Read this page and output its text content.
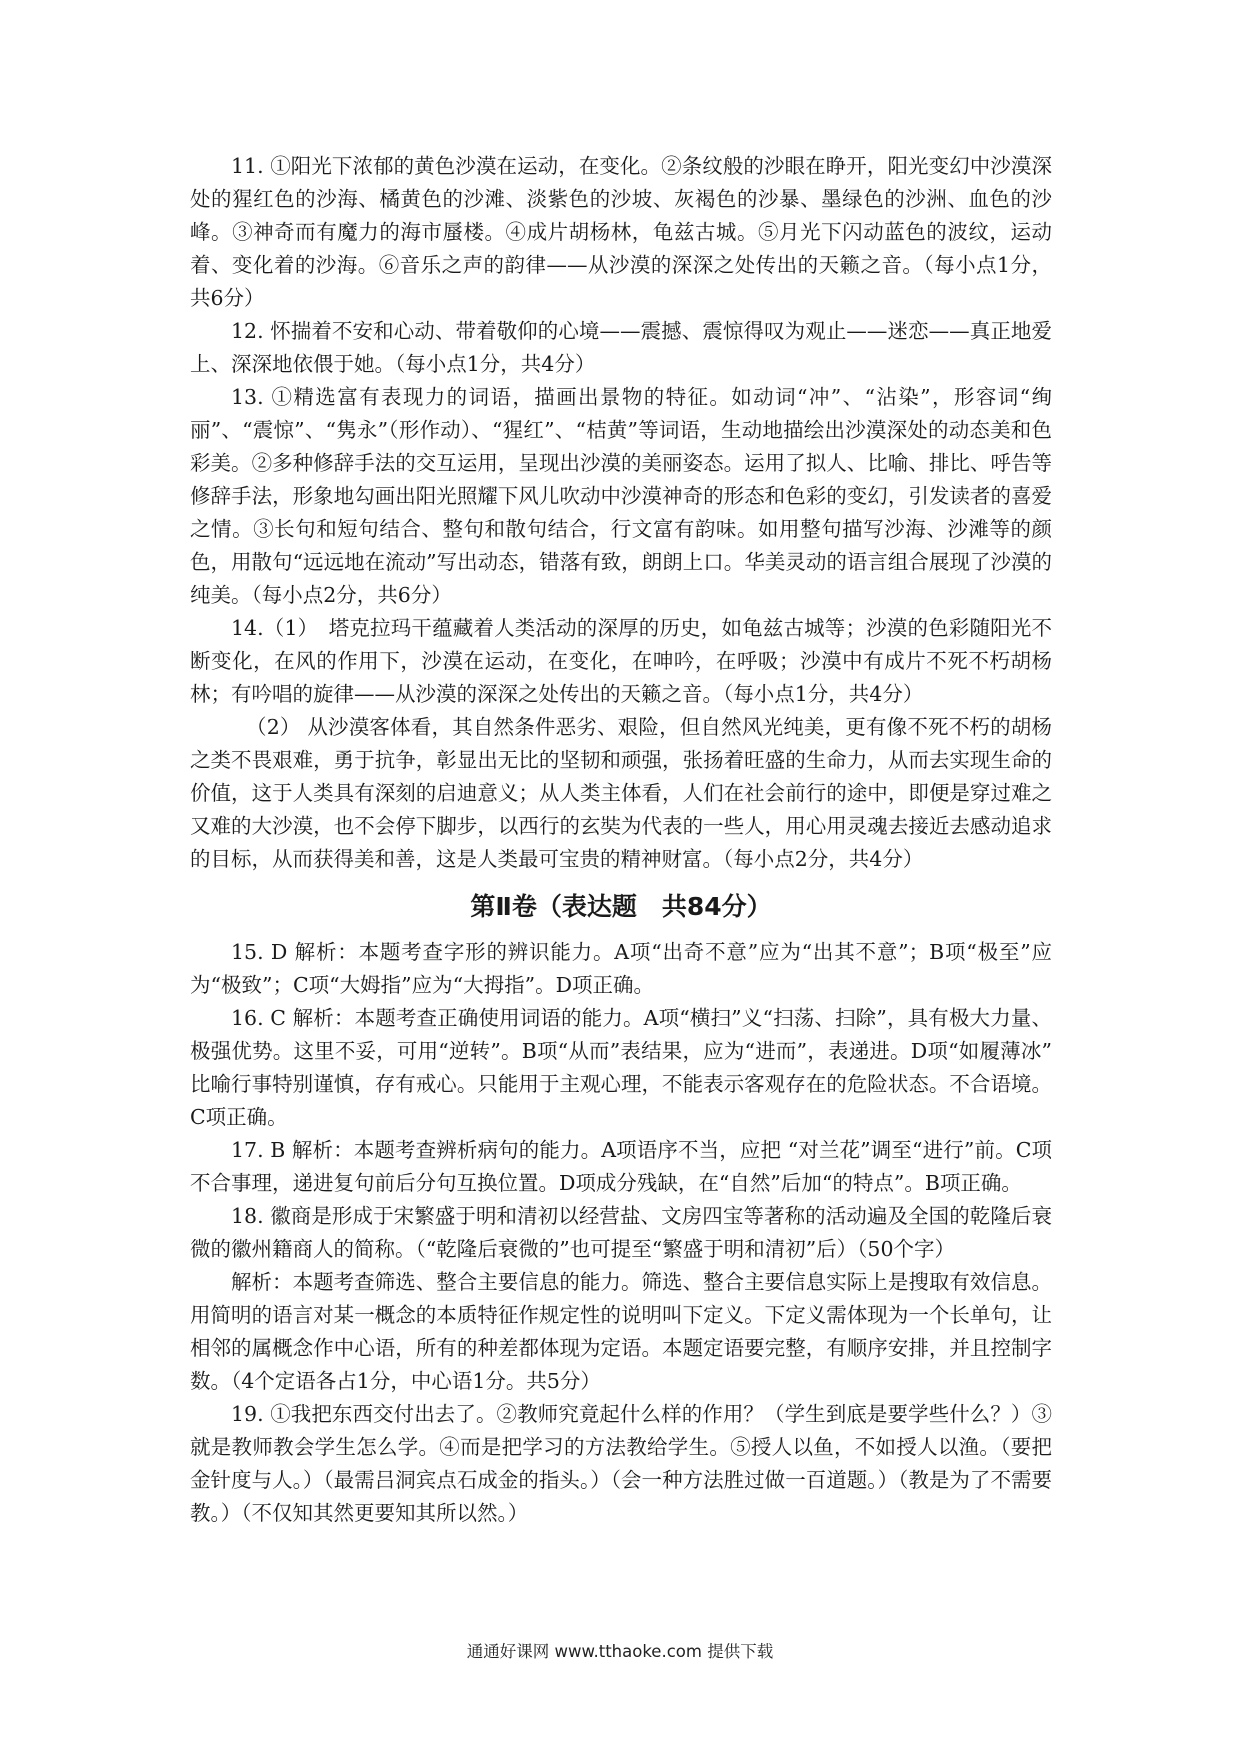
11. ①阳光下浓郁的黄色沙漠在运动，在变化。②条纹般的沙眼在睁开，阳光变幻中沙漠深处的猩红色的沙海、橘黄色的沙滩、淡紫色的沙坡、灰褐色的沙暴、墨绿色的沙洲、血色的沙峰。③神奇而有魔力的海市蜃楼。④成片胡杨林，龟兹古城。⑤月光下闪动蓝色的波纹，运动着、变化着的沙海。⑥音乐之声的韵律——从沙漠的深深之处传出的天籁之音。（每小点1分，共6分）

12. 怀揣着不安和心动、带着敬仰的心境——震撼、震惊得叹为观止——迷恋——真正地爱上、深深地依偎于她。（每小点1分，共4分）

13. ①精选富有表现力的词语，描画出景物的特征。如动词“冲”、“沾染”，形容词“绚丽”、“震惊”、“隽永”（形作动）、“猩红”、“桔黄”等词语，生动地描绘出沙漠深处的动态美和色彩美。②多种修辞手法的交互运用，呈现出沙漠的美丽姿态。运用了拟人、比喻、排比、呼告等修辞手法，形象地勾画出阳光照耀下风儿吹动中沙漠神奇的形态和色彩的变幻，引发读者的喜爱之情。③长句和短句结合、整句和散句结合，行文富有韵味。如用整句描写沙海、沙滩等的颜色，用散句“远远地在流动”写出动态，错落有致，朗朗上口。华美灵动的语言组合展现了沙漠的纯美。（每小点2分，共6分）

14.（1）　塔克拉玛干蕴藏着人类活动的深厚的历史，如龟兹古城等；沙漠的色彩随阳光不断变化，在风的作用下，沙漠在运动，在变化，在呻吟，在呼吸；沙漠中有成片不死不朽胡杨林；有吟唱的旋律——从沙漠的深深之处传出的天籁之音。（每小点1分，共4分）

（2） 从沙漠客体看，其自然条件恶劣、艰险，但自然风光纯美，更有像不死不朽的胡杨之类不畏艰难，勇于抗争，彰显出无比的坚韧和顽强，张扬着旺盛的生命力，从而去实现生命的价值，这于人类具有深刻的启迪意义；从人类主体看，人们在社会前行的途中，即便是穿过难之又难的大沙漠，也不会停下脚步，以西行的玄奘为代表的一些人，用心用灵魂去接近去感动追求的目标，从而获得美和善，这是人类最可宝贵的精神财富。（每小点2分，共4分）

第Ⅱ卷（表达题　共84分）

15. D 解析：本题考查字形的辨识能力。A项“出奇不意”应为“出其不意”；B项“极至”应为“极致”；C项“大姆指”应为“大拇指”。D项正确。

16. C 解析：本题考查正确使用词语的能力。A项“横扫”义“扫荡、扫除”，具有极大力量、极强优势。这里不妥，可用“逆转”。B项“从而”表结果，应为“进而”，表递进。D项“如履薄冰” 比喻行事特别谨慎，存有戒心。只能用于主观心理，不能表示客观存在的危险状态。不合语境。C项正确。

17. B 解析：本题考查辨析病句的能力。A项语序不当，应把 “对兰花”调至“进行”前。C项不合事理，递进复句前后分句互换位置。D项成分残缺，在“自然”后加“的特点”。B项正确。

18. 徽商是形成于宋繁盛于明和清初以经营盐、文房四宝等著称的活动遍及全国的乾隆后衰微的徽州籍商人的简称。（“乾隆后衰微的”也可提至“繁盛于明和清初”后）（50个字）

解析：本题考查筛选、整合主要信息的能力。筛选、整合主要信息实际上是搜取有效信息。用简明的语言对某一概念的本质特征作规定性的说明叫下定义。下定义需体现为一个长单句，让相邻的属概念作中心语，所有的种差都体现为定语。本题定语要完整，有顺序安排，并且控制字数。（4个定语各占1分，中心语1分。共5分）

19. ①我把东西交付出去了。②教师究竟起什么样的作用？（学生到底是要学些什么？）③就是教师教会学生怎么学。④而是把学习的方法教给学生。⑤授人以鱼，不如授人以渔。（要把金针度与人。）（最需吕洞宾点石成金的指头。）（会一种方法胜过做一百道题。）（教是为了不需要教。）（不仅知其然更要知其所以然。）

通通好课网 www.tthaoke.com 提供下载
